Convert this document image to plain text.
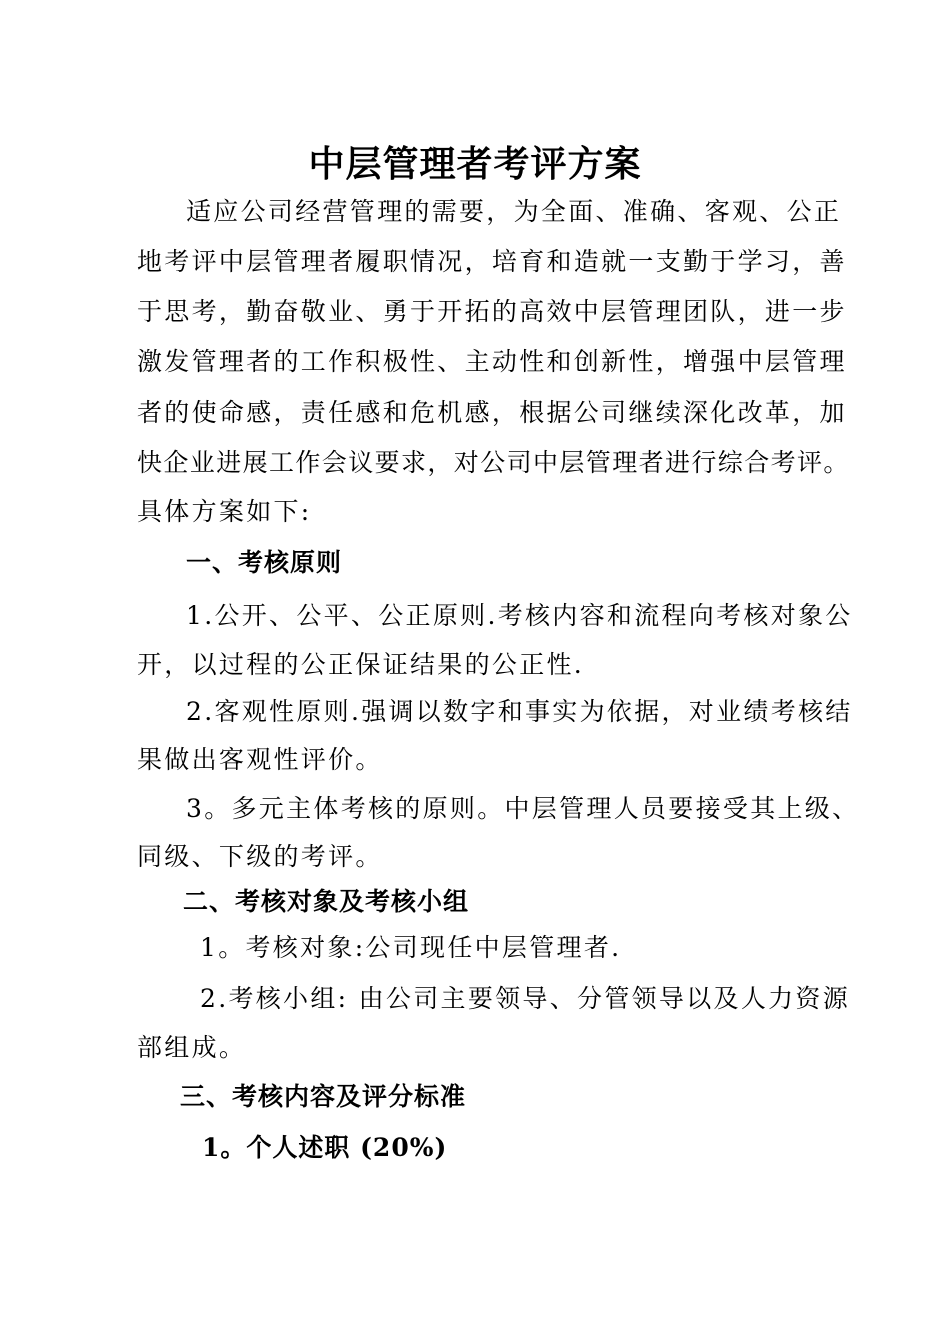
中层管理者考评方案

适应公司经营管理的需要，为全面、准确、客观、公正

地考评中层管理者履职情况，培育和造就一支勤于学习，善

于思考，勤奋敬业、勇于开拓的高效中层管理团队，进一步

激发管理者的工作积极性、主动性和创新性，增强中层管理

者的使命感，责任感和危机感，根据公司继续深化改革，加

快企业进展工作会议要求，对公司中层管理者进行综合考评。

具体方案如下:

一、考核原则

1.公开、公平、公正原则.考核内容和流程向考核对象公

开，以过程的公正保证结果的公正性.

2.客观性原则.强调以数字和事实为依据，对业绩考核结

果做出客观性评价。

3。多元主体考核的原则。中层管理人员要接受其上级、

同级、下级的考评。

二、考核对象及考核小组

1。考核对象:公司现任中层管理者.

2.考核小组: 由公司主要领导、分管领导以及人力资源

部组成。

三、考核内容及评分标准

1。个人述职 (20%)
